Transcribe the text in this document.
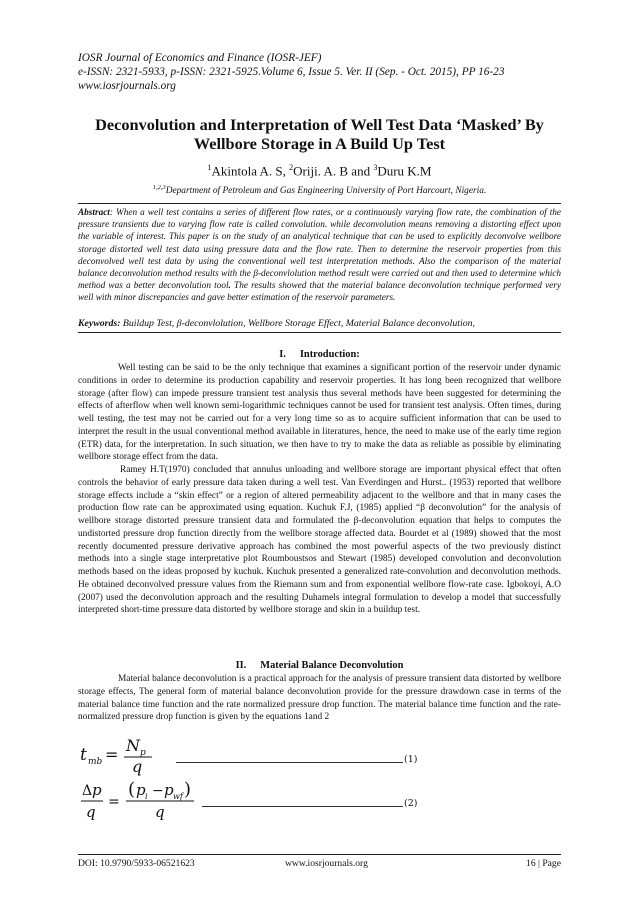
IOSR Journal of Economics and Finance (IOSR-JEF)
e-ISSN: 2321-5933, p-ISSN: 2321-5925.Volume 6, Issue 5. Ver. II (Sep. - Oct. 2015), PP 16-23
www.iosrjournals.org
Deconvolution and Interpretation of Well Test Data ‘Masked’ By
Wellbore Storage in A Build Up Test
$^1$Akintola A. S, $^2$Oriji. A. B and $^3$Duru K.M
$^{1,2,3}$Department of Petroleum and Gas Engineering University of Port Harcourt, Nigeria.
Abstract: When a well test contains a series of different flow rates, or a continuously varying flow rate, the combination of the pressure transients due to varying flow rate is called convolution. while deconvolution means removing a distorting effect upon the variable of interest. This paper is on the study of an analytical technique that can be used to explicitly deconvolve wellbore storage distorted well test data using pressure data and the flow rate. Then to determine the reservoir properties from this deconvolved well test data by using the conventional well test interpretation methods. Also the comparison of the material balance deconvolution method results with the β-deconvlolution method result were carried out and then used to determine which method was a better deconvolution tool. The results showed that the material balance deconvolution technique performed very well with minor discrepancies and gave better estimation of the reservoir parameters.
Keywords: Buildup Test, β-deconvlolution, Wellbore Storage Effect, Material Balance deconvolution,
I. Introduction:

Well testing can be said to be the only technique that examines a significant portion of the reservoir under dynamic conditions in order to determine its production capability and reservoir properties. It has long been recognized that wellbore storage (after flow) can impede pressure transient test analysis thus several methods have been suggested for determining the effects of afterflow when well known semi-logarithmic techniques cannot be used for transient test analysis. Often times, during well testing, the test may not be carried out for a very long time so as to acquire sufficient information that can be used to interpret the result in the usual conventional method available in literatures, hence, the need to make use of the early time region (ETR) data, for the interpretation. In such situation, we then have to try to make the data as reliable as possible by eliminating wellbore storage effect from the data.

Ramey H.T(1970) concluded that annulus unloading and wellbore storage are important physical effect that often controls the behavior of early pressure data taken during a well test. Van Everdingen and Hurst.. (1953) reported that wellbore storage effects include a “skin effect” or a region of altered permeability adjacent to the wellbore and that in many cases the production flow rate can be approximated using equation. Kuchuk F.J, (1985) applied “β deconvolution” for the analysis of wellbore storage distorted pressure transient data and formulated the β-deconvolution equation that helps to computes the undistorted pressure drop function directly from the wellbore storage affected data. Bourdet et al (1989) showed that the most recently documented pressure derivative approach has combined the most powerful aspects of the two previously distinct methods into a single stage interpretative plot Roumboustsos and Stewart (1985) developed convolution and deconvolution methods based on the ideas proposed by kuchuk. Kuchuk presented a generalized rate-convolution and deconvolution methods. He obtained deconvolved pressure values from the Riemann sum and from exponential wellbore flow-rate case. Igbokoyi, A.O (2007) used the deconvolution approach and the resulting Duhamels integral formulation to develop a model that successfully interpreted short-time pressure data distorted by wellbore storage and skin in a buildup test.

II. Material Balance Deconvolution

Material balance deconvolution is a practical approach for the analysis of pressure transient data distorted by wellbore storage effects, The general form of material balance deconvolution provide for the pressure drawdown case in terms of the material balance time function and the rate normalized pressure drop function. The material balance time function and the rate-normalized pressure drop function is given by the equations 1and 2

t mb = N p
q	(1)
Δ p
q
=
( p i − p wf )
q	(2)
DOI: 10.9790/5933-06521623	www.iosrjournals.org	16 | Page
